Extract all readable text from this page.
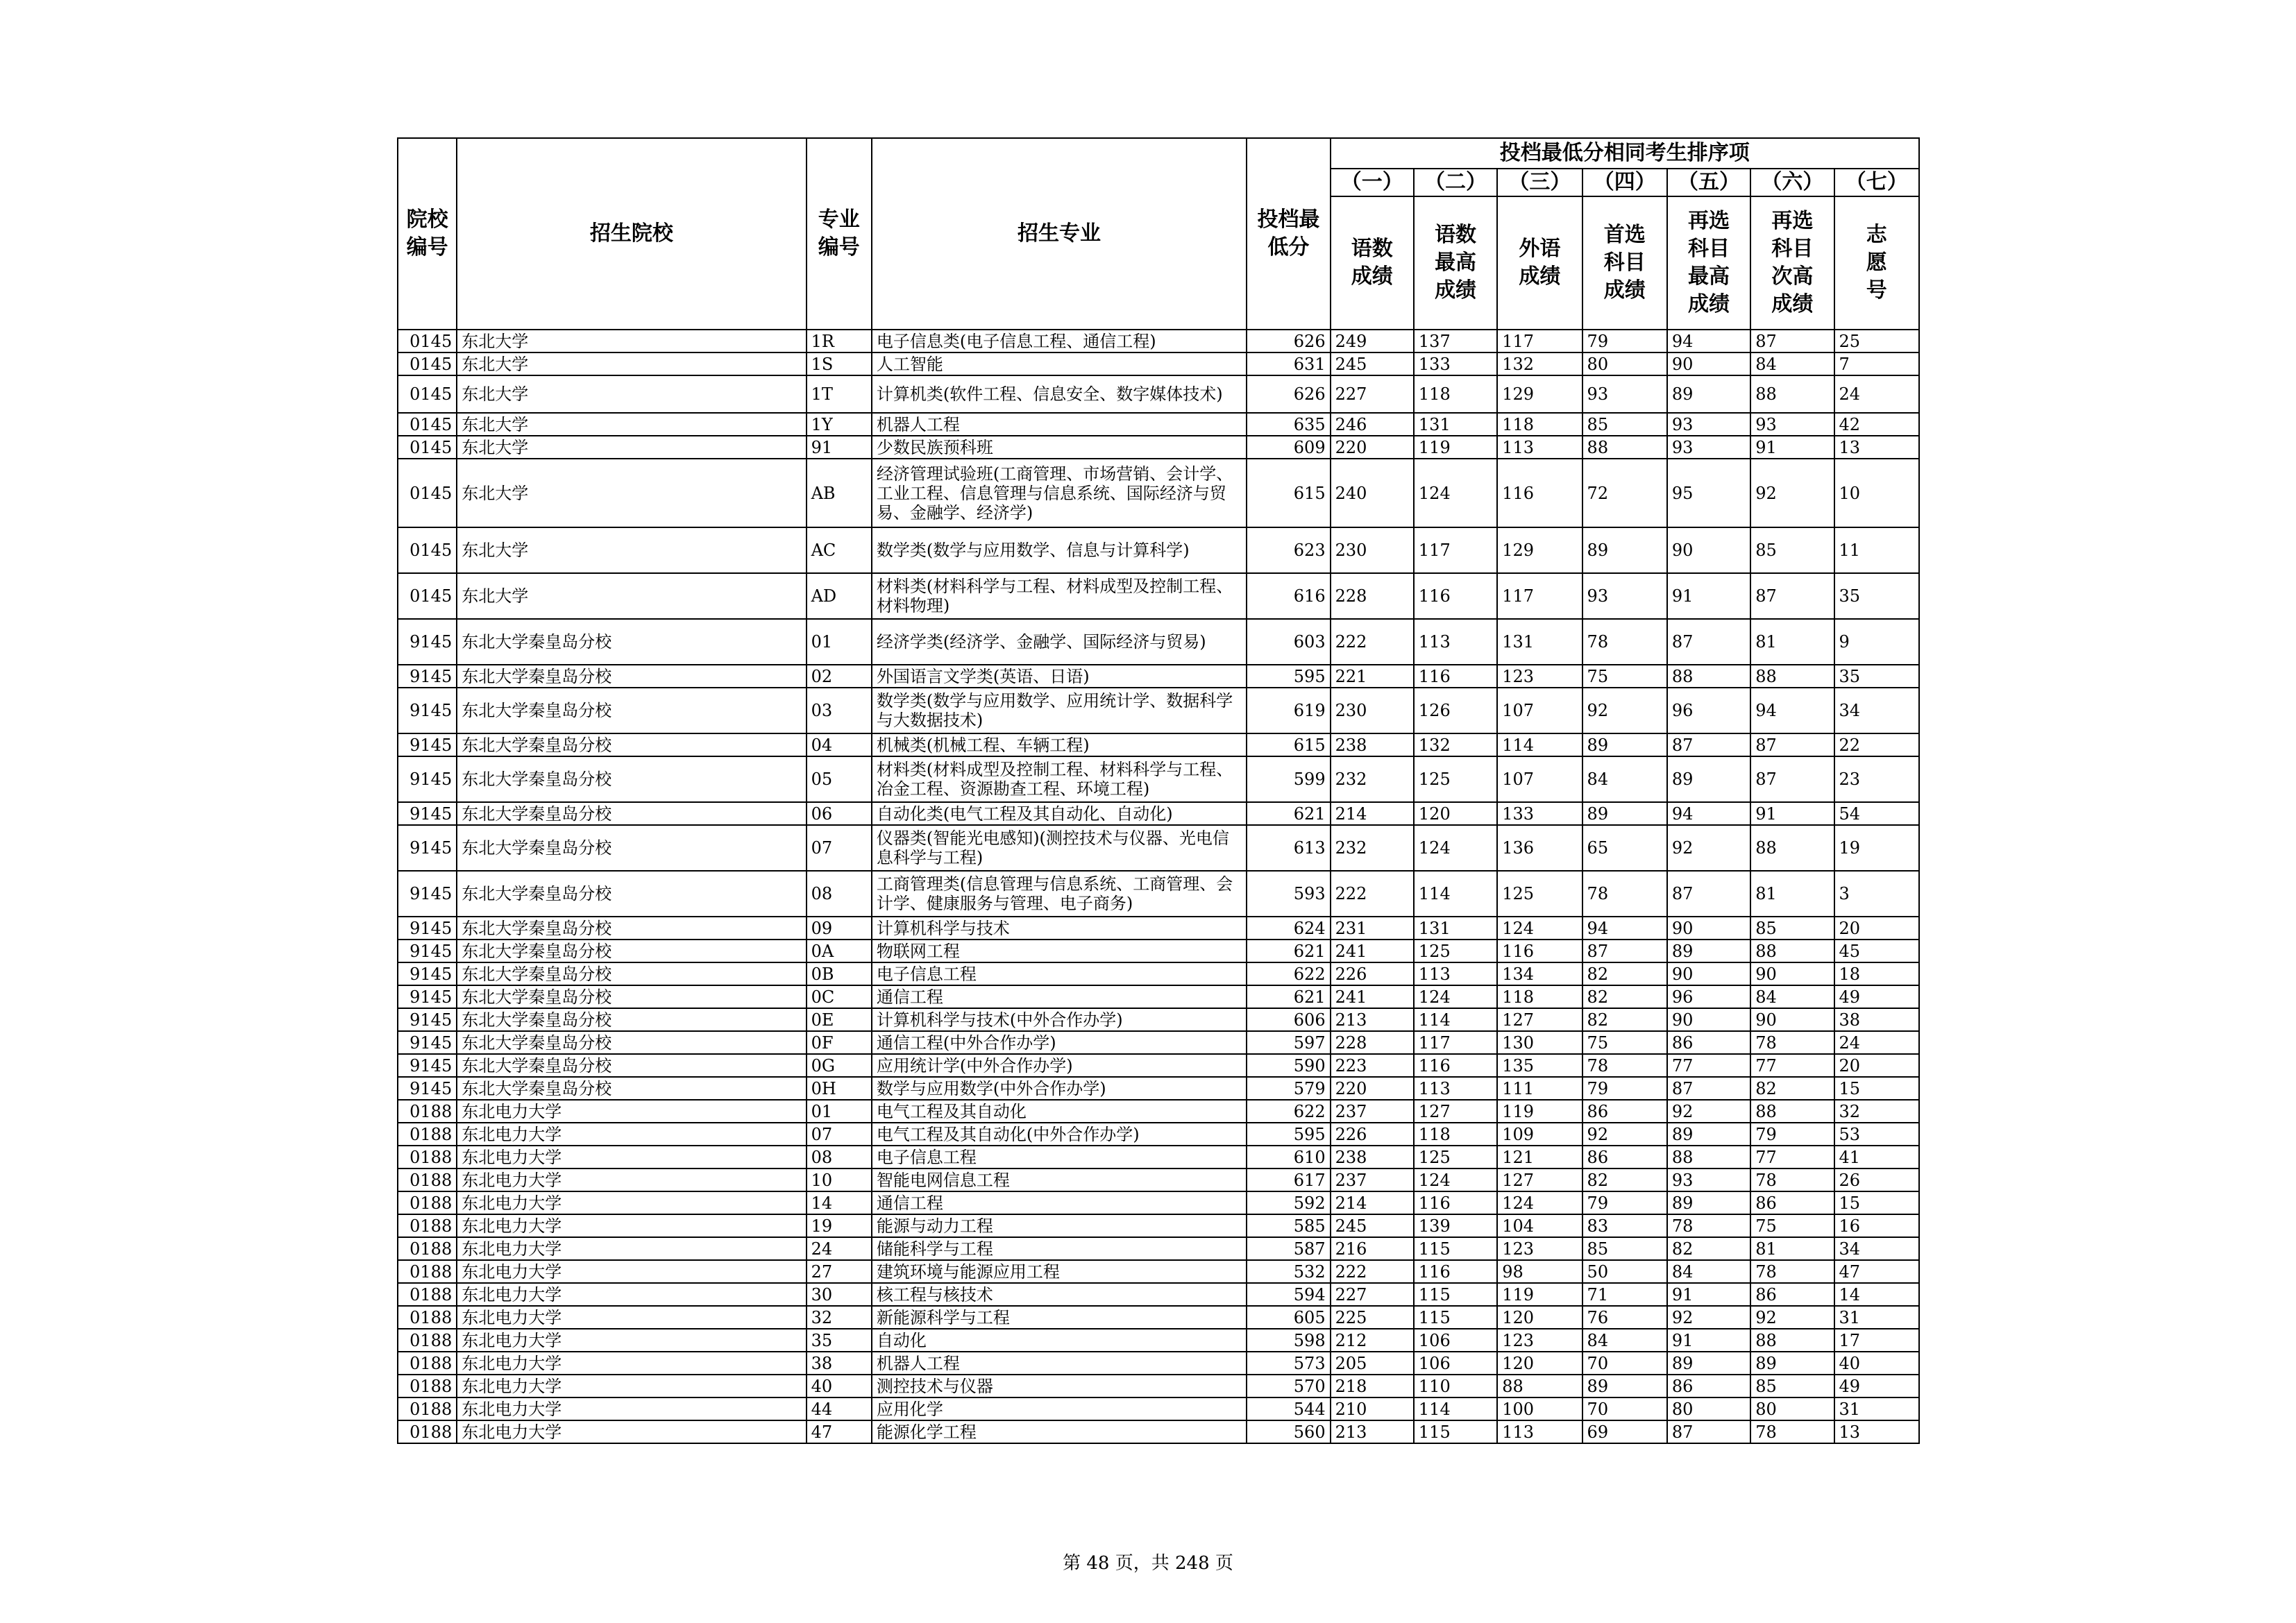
院校编号	招生院校	专业编号	招生专业	投档最低分	投档最低分相同考生排序项						
					（一）	（二）	（三）	（四）	（五）	（六）	（七）
					语数成绩	语数最高成绩	外语成绩	首选科目成绩	再选科目最高成绩	再选科目次高成绩	志愿号
0145	东北大学	1R	电子信息类(电子信息工程、通信工程)	626	249	137	117	79	94	87	25
0145	东北大学	1S	人工智能	631	245	133	132	80	90	84	7
0145	东北大学	1T	计算机类(软件工程、信息安全、数字媒体技术)	626	227	118	129	93	89	88	24
0145	东北大学	1Y	机器人工程	635	246	131	118	85	93	93	42
0145	东北大学	91	少数民族预科班	609	220	119	113	88	93	91	13
0145	东北大学	AB	经济管理试验班(工商管理、市场营销、会计学、工业工程、信息管理与信息系统、国际经济与贸易、金融学、经济学)	615	240	124	116	72	95	92	10
0145	东北大学	AC	数学类(数学与应用数学、信息与计算科学)	623	230	117	129	89	90	85	11
0145	东北大学	AD	材料类(材料科学与工程、材料成型及控制工程、材料物理)	616	228	116	117	93	91	87	35
9145	东北大学秦皇岛分校	01	经济学类(经济学、金融学、国际经济与贸易)	603	222	113	131	78	87	81	9
9145	东北大学秦皇岛分校	02	外国语言文学类(英语、日语)	595	221	116	123	75	88	88	35
9145	东北大学秦皇岛分校	03	数学类(数学与应用数学、应用统计学、数据科学与大数据技术)	619	230	126	107	92	96	94	34
9145	东北大学秦皇岛分校	04	机械类(机械工程、车辆工程)	615	238	132	114	89	87	87	22
9145	东北大学秦皇岛分校	05	材料类(材料成型及控制工程、材料科学与工程、冶金工程、资源勘查工程、环境工程)	599	232	125	107	84	89	87	23
9145	东北大学秦皇岛分校	06	自动化类(电气工程及其自动化、自动化)	621	214	120	133	89	94	91	54
9145	东北大学秦皇岛分校	07	仪器类(智能光电感知)(测控技术与仪器、光电信息科学与工程)	613	232	124	136	65	92	88	19
9145	东北大学秦皇岛分校	08	工商管理类(信息管理与信息系统、工商管理、会计学、健康服务与管理、电子商务)	593	222	114	125	78	87	81	3
9145	东北大学秦皇岛分校	09	计算机科学与技术	624	231	131	124	94	90	85	20
9145	东北大学秦皇岛分校	0A	物联网工程	621	241	125	116	87	89	88	45
9145	东北大学秦皇岛分校	0B	电子信息工程	622	226	113	134	82	90	90	18
9145	东北大学秦皇岛分校	0C	通信工程	621	241	124	118	82	96	84	49
9145	东北大学秦皇岛分校	0E	计算机科学与技术(中外合作办学)	606	213	114	127	82	90	90	38
9145	东北大学秦皇岛分校	0F	通信工程(中外合作办学)	597	228	117	130	75	86	78	24
9145	东北大学秦皇岛分校	0G	应用统计学(中外合作办学)	590	223	116	135	78	77	77	20
9145	东北大学秦皇岛分校	0H	数学与应用数学(中外合作办学)	579	220	113	111	79	87	82	15
0188	东北电力大学	01	电气工程及其自动化	622	237	127	119	86	92	88	32
0188	东北电力大学	07	电气工程及其自动化(中外合作办学)	595	226	118	109	92	89	79	53
0188	东北电力大学	08	电子信息工程	610	238	125	121	86	88	77	41
0188	东北电力大学	10	智能电网信息工程	617	237	124	127	82	93	78	26
0188	东北电力大学	14	通信工程	592	214	116	124	79	89	86	15
0188	东北电力大学	19	能源与动力工程	585	245	139	104	83	78	75	16
0188	东北电力大学	24	储能科学与工程	587	216	115	123	85	82	81	34
0188	东北电力大学	27	建筑环境与能源应用工程	532	222	116	98	50	84	78	47
0188	东北电力大学	30	核工程与核技术	594	227	115	119	71	91	86	14
0188	东北电力大学	32	新能源科学与工程	605	225	115	120	76	92	92	31
0188	东北电力大学	35	自动化	598	212	106	123	84	91	88	17
0188	东北电力大学	38	机器人工程	573	205	106	120	70	89	89	40
0188	东北电力大学	40	测控技术与仪器	570	218	110	88	89	86	85	49
0188	东北电力大学	44	应用化学	544	210	114	100	70	80	80	31
0188	东北电力大学	47	能源化学工程	560	213	115	113	69	87	78	13
第 48 页，共 248 页
